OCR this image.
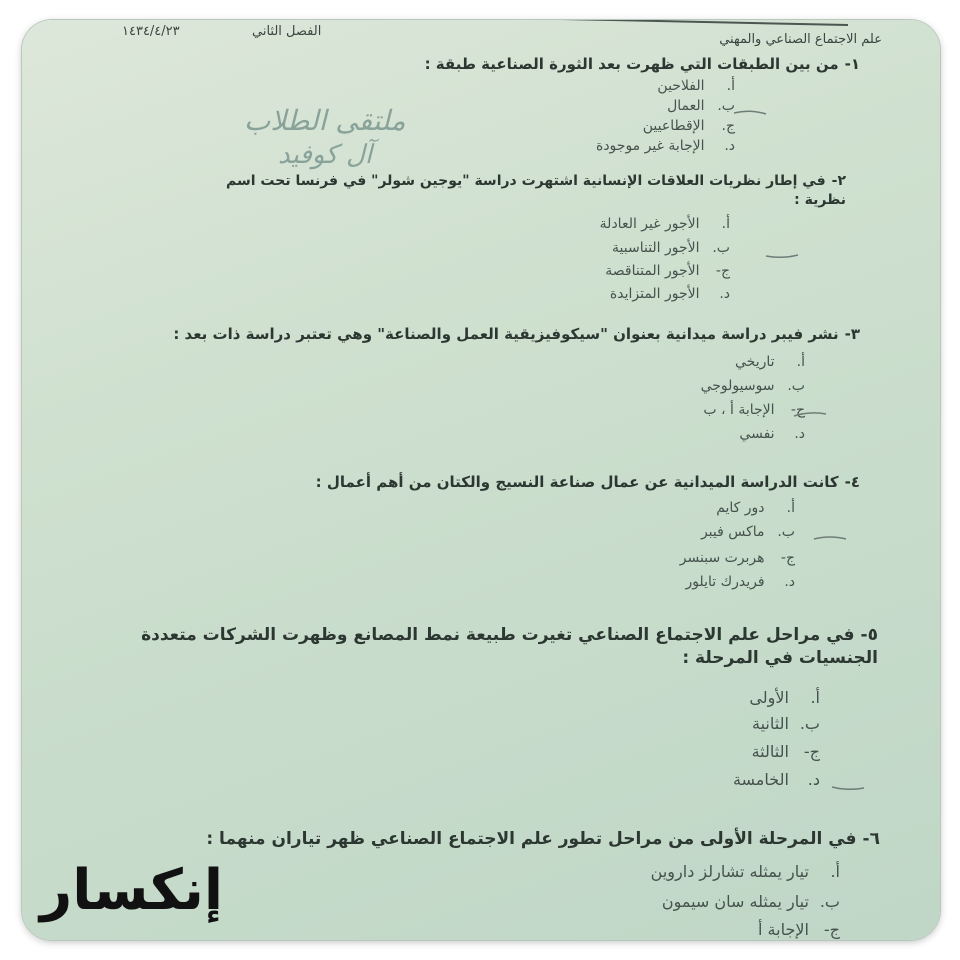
علم الاجتماع الصناعي والمهني
الفصل الثاني
١٤٣٤/٤/٢٣
١-من بين الطبقات التي ظهرت بعد الثورة الصناعية طبقة :
أ. الفلاحين
ب. العمال
ج. الإقطاعيين
د. الإجابة غير موجودة
ملتقى الطلاب
آل كوفيد
٢-في إطار نظريات العلاقات الإنسانية اشتهرت دراسة "يوجين شولر" في فرنسا تحت اسم
نظرية :
أ. الأجور غير العادلة
ب. الأجور التناسبية
ج- الأجور المتناقصة
د. الأجور المتزايدة
٣-نشر فيبر دراسة ميدانية بعنوان "سيكوفيزيقية العمل والصناعة" وهي تعتبر دراسة ذات بعد :
أ. تاريخي
ب. سوسيولوجي
ج- الإجابة أ ، ب
د. نفسي
٤-كانت الدراسة الميدانية عن عمال صناعة النسيج والكتان من أهم أعمال :
أ. دور كايم
ب. ماكس فيبر
ج- هربرت سبنسر
د. فريدرك تايلور
٥-في مراحل علم الاجتماع الصناعي تغيرت طبيعة نمط المصانع وظهرت الشركات متعددة
الجنسيات في المرحلة :
أ. الأولى
ب. الثانية
ج- الثالثة
د. الخامسة
٦-في المرحلة الأولى من مراحل تطور علم الاجتماع الصناعي ظهر تياران منهما :
أ. تيار يمثله تشارلز داروين
ب. تيار يمثله سان سيمون
ج- الإجابة أ
إنكسار
